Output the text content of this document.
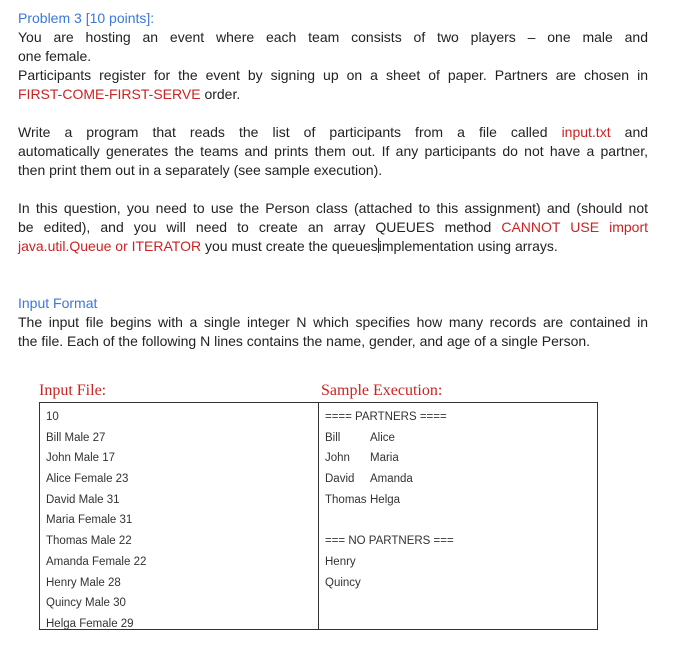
Problem 3 [10 points]:
You are hosting an event where each team consists of two players – one male and
one female.
Participants register for the event by signing up on a sheet of paper. Partners are chosen in
FIRST-COME-FIRST-SERVE order.
Write a program that reads the list of participants from a file called input.txt and
automatically generates the teams and prints them out. If any participants do not have a partner,
then print them out in a separately (see sample execution).
In this question, you need to use the Person class (attached to this assignment) and (should not
be edited), and you will need to create an array QUEUES method CANNOT USE import
java.util.Queue or ITERATOR you must create the queuesimplementation using arrays.
Input Format
The input file begins with a single integer N which specifies how many records are contained in
the file. Each of the following N lines contains the name, gender, and age of a single Person.
Input File:	Sample Execution:
10
Bill Male 27
John Male 17
Alice Female 23
David Male 31
Maria Female 31
Thomas Male 22
Amanda Female 22
Henry Male 28
Quincy Male 30
Helga Female 29
==== PARTNERS ====
Bill	Alice
John	Maria
David	Amanda
Thomas Helga
=== NO PARTNERS ===
Henry
Quincy
